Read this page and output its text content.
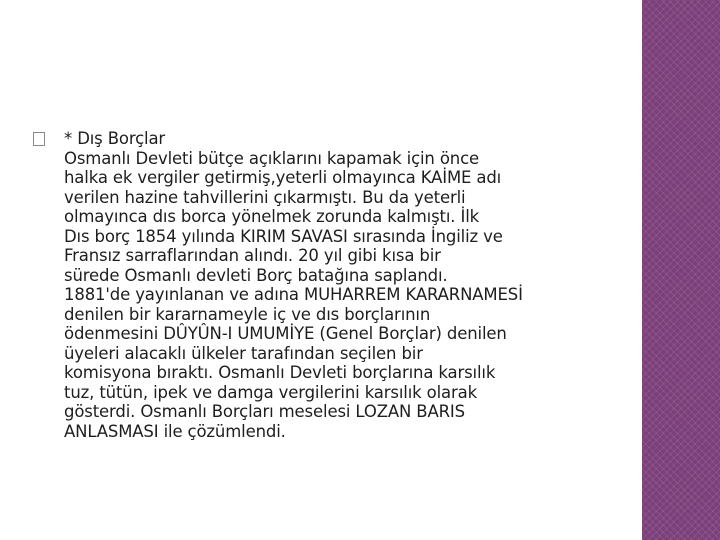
* Dış Borçlar
Osmanlı Devleti bütçe açıklarını kapamak için önce
halka ek vergiler getirmiş,yeterli olmayınca KAİME adı
verilen hazine tahvillerini çıkarmıştı. Bu da yeterli
olmayınca dıs borca yönelmek zorunda kalmıştı. İlk
Dıs borç 1854 yılında KIRIM SAVASI sırasında İngiliz ve
Fransız sarraflarından alındı. 20 yıl gibi kısa bir
sürede Osmanlı devleti Borç batağına saplandı.
1881'de yayınlanan ve adına MUHARREM KARARNAMESİ
denilen bir kararnameyle iç ve dıs borçlarının
ödenmesini DÛYÛN-I UMUMİYE (Genel Borçlar) denilen
üyeleri alacaklı ülkeler tarafından seçilen bir
komisyona bıraktı. Osmanlı Devleti borçlarına karsılık
tuz, tütün, ipek ve damga vergilerini karsılık olarak
gösterdi. Osmanlı Borçları meselesi LOZAN BARIS
ANLASMASI ile çözümlendi.
